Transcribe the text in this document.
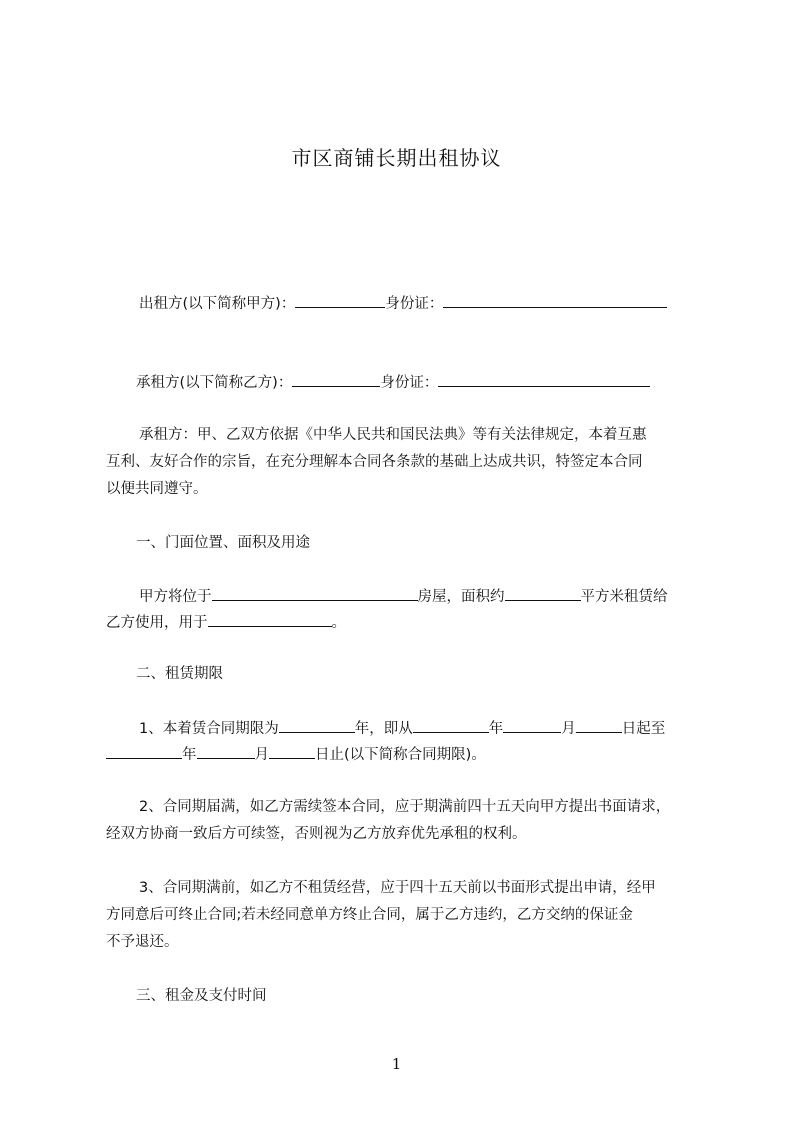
市区商铺长期出租协议
出租方(以下简称甲方)：	身份证：
承租方(以下简称乙方)：	身份证：
承租方：甲、乙双方依据《中华人民共和国民法典》等有关法律规定，本着互惠
互利、友好合作的宗旨，在充分理解本合同各条款的基础上达成共识，特签定本合同
以便共同遵守。
一、门面位置、面积及用途
甲方将位于	房屋，面积约	平方米租赁给
乙方使用，用于	。
二、租赁期限
1、本着赁合同期限为	年，即从	年	月	日起至
年	月	日止(以下简称合同期限)。
2、合同期届满，如乙方需续签本合同，应于期满前四十五天向甲方提出书面请求，
经双方协商一致后方可续签，否则视为乙方放弃优先承租的权利。
3、合同期满前，如乙方不租赁经营，应于四十五天前以书面形式提出申请，经甲
方同意后可终止合同;若未经同意单方终止合同，属于乙方违约，乙方交纳的保证金
不予退还。
三、租金及支付时间
1
